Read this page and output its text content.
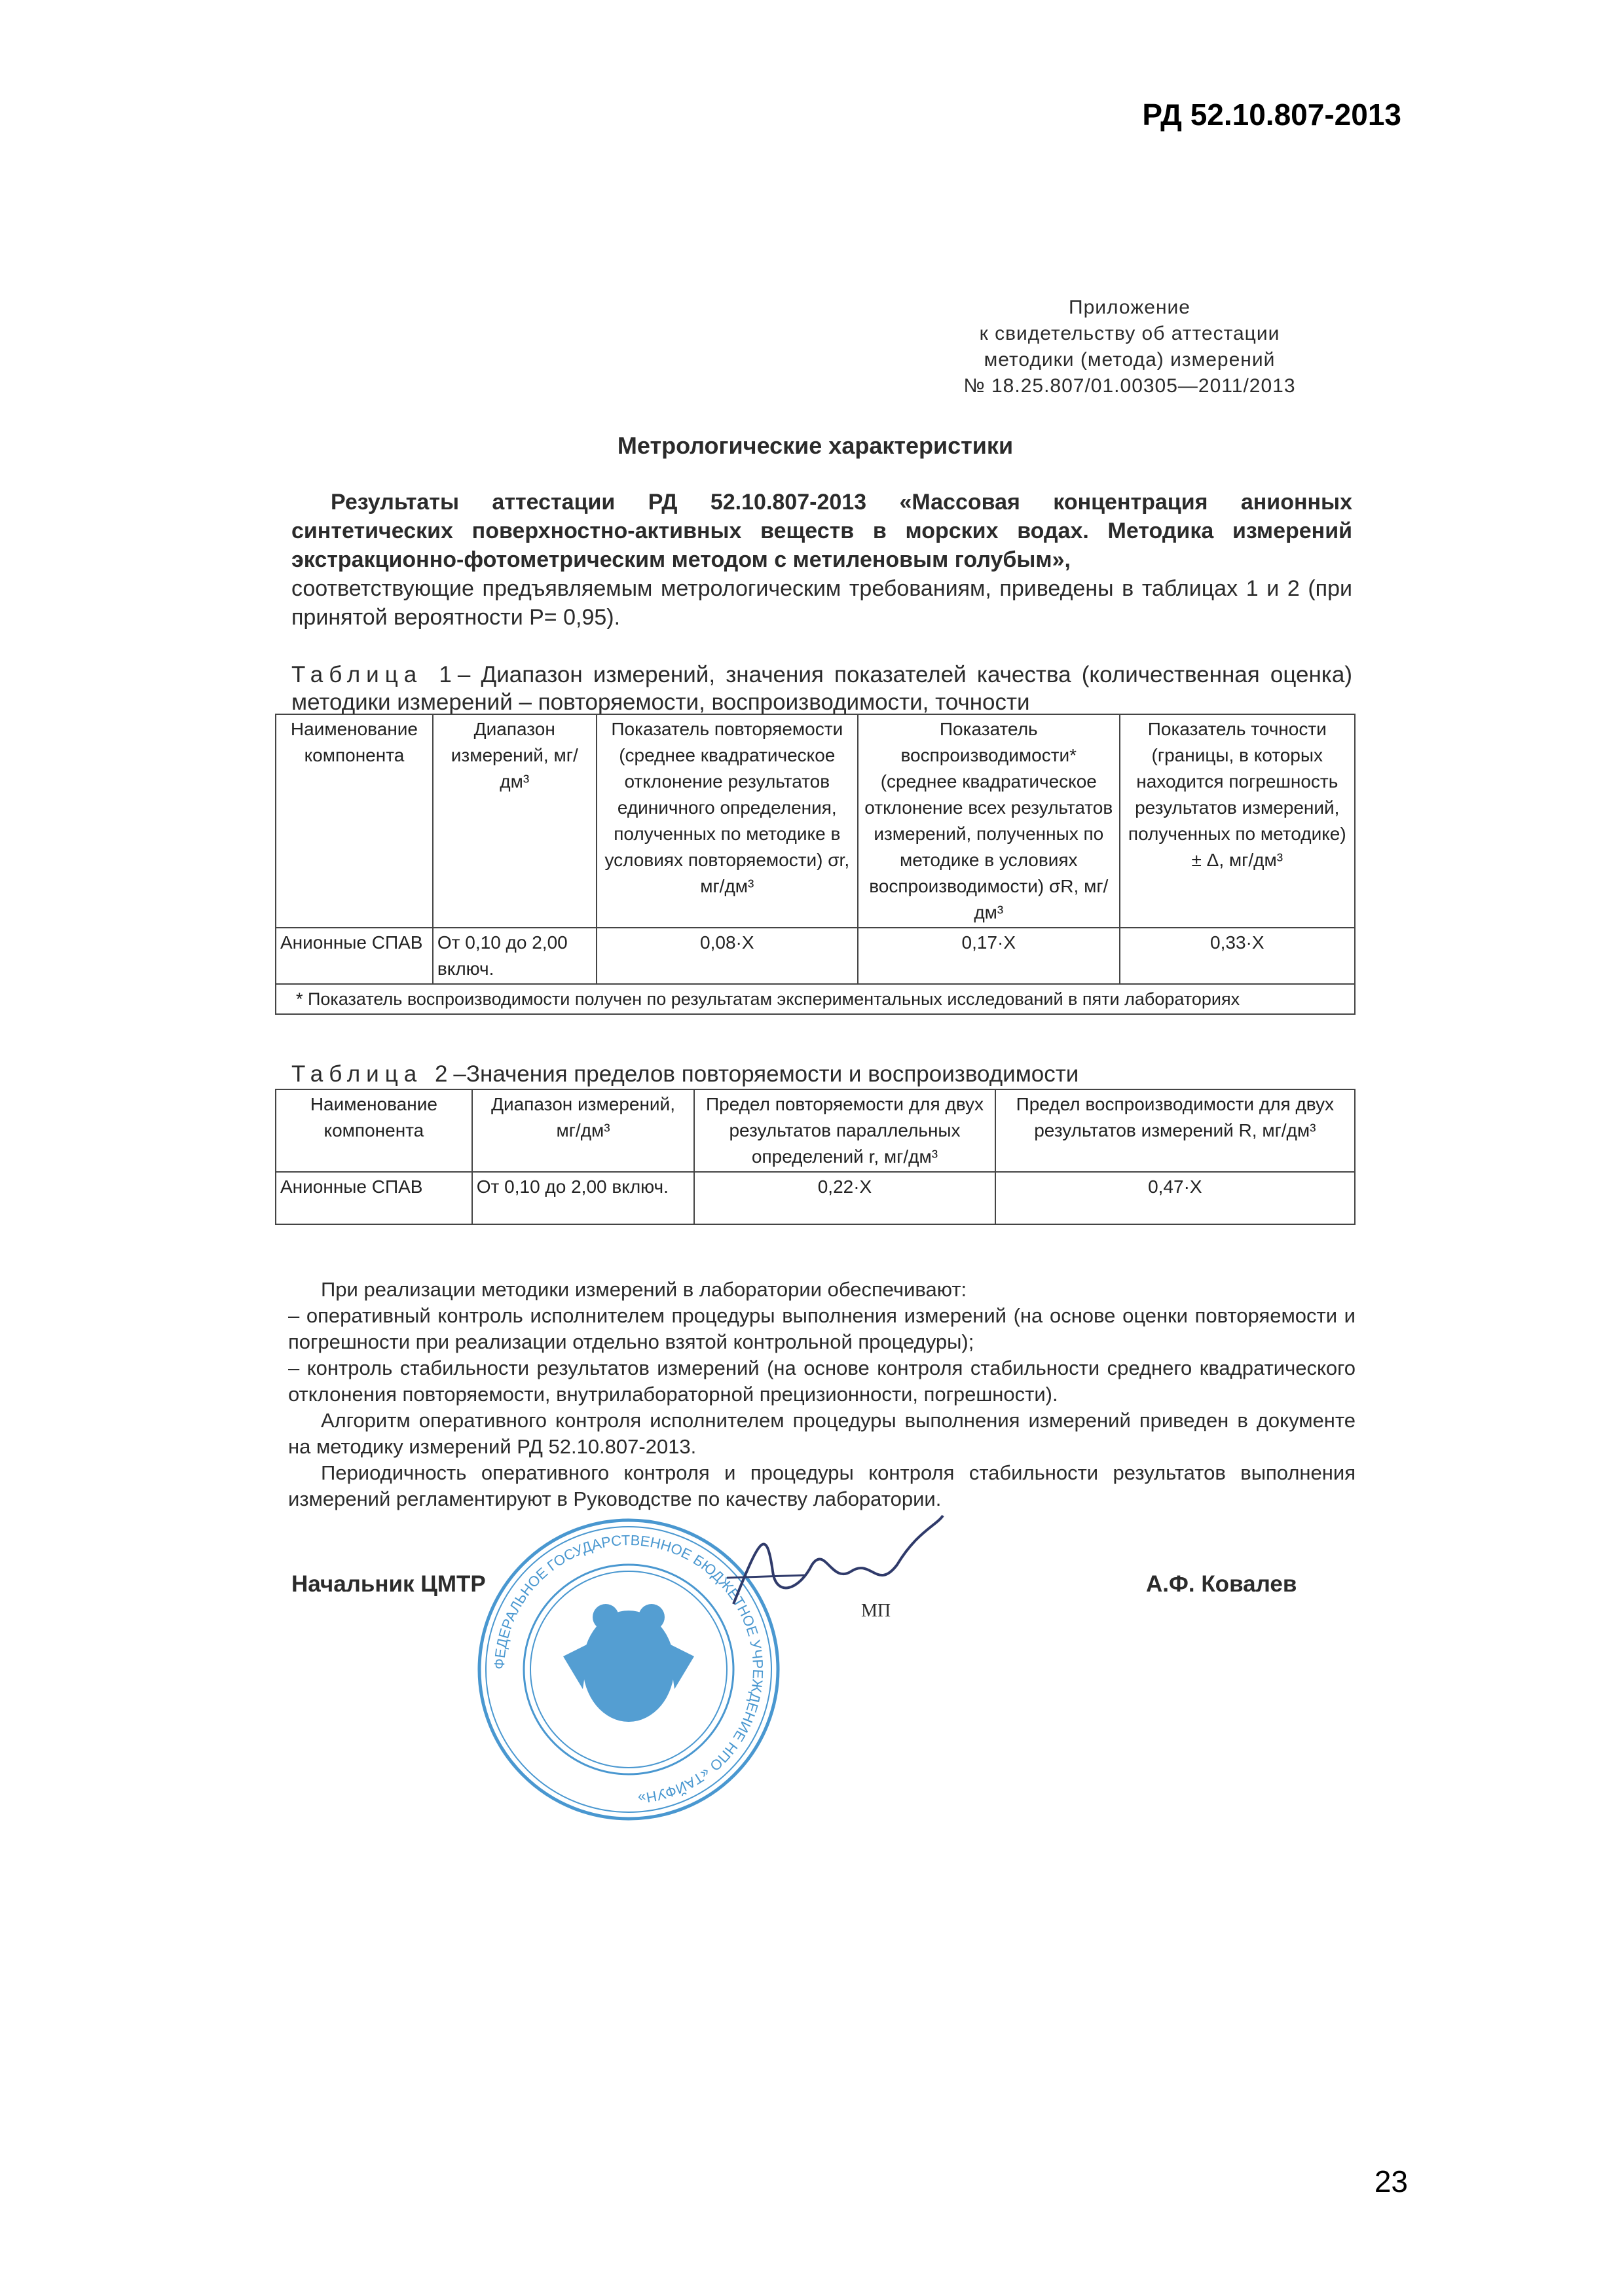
РД 52.10.807-2013
Приложение
к свидетельству об аттестации
методики (метода) измерений
№ 18.25.807/01.00305—2011/2013
Метрологические характеристики

Результаты аттестации РД 52.10.807-2013 «Массовая концентрация анионных синтетических поверхностно-активных веществ в морских водах. Методика измерений экстракционно-фотометрическим методом с метиленовым голубым»,

соответствующие предъявляемым метрологическим требованиям, приведены в таблицах 1 и 2 (при принятой вероятности P= 0,95).

Таблица 1– Диапазон измерений, значения показателей качества (количественная оценка) методики измерений – повторяемости, воспроизводимости, точности
Наименование компонента	Диапазон измерений, мг/дм³	Показатель повторяемости (среднее квадратическое отклонение результатов единичного определения, полученных по методике в условиях повторяемости) σr, мг/дм³	Показатель воспроизводимости* (среднее квадратическое отклонение всех результатов измерений, полученных по методике в условиях воспроизводимости) σR, мг/дм³	Показатель точности (границы, в которых находится погрешность результатов измерений, полученных по методике) ± Δ, мг/дм³
Анионные СПАВ	От 0,10 до 2,00 включ.	0,08·X	0,17·X	0,33·X
* Показатель воспроизводимости получен по результатам экспериментальных исследований в пяти лабораториях				
Таблица 2–Значения пределов повторяемости и воспроизводимости
Наименование компонента	Диапазон измерений, мг/дм³	Предел повторяемости для двух результатов параллельных определений r, мг/дм³	Предел воспроизводимости для двух результатов измерений R, мг/дм³
Анионные СПАВ	От 0,10 до 2,00 включ.	0,22·X	0,47·X

При реализации методики измерений в лаборатории обеспечивают:

– оперативный контроль исполнителем процедуры выполнения измерений (на основе оценки повторяемости и погрешности при реализации отдельно взятой контрольной процедуры);

– контроль стабильности результатов измерений (на основе контроля стабильности среднего квадратического отклонения повторяемости, внутрилабораторной прецизионности, погрешности).

Алгоритм оперативного контроля исполнителем процедуры выполнения измерений приведен в документе на методику измерений РД 52.10.807-2013.

Периодичность оперативного контроля и процедуры контроля стабильности результатов выполнения измерений регламентируют в Руководстве по качеству лаборатории.

ФЕДЕРАЛЬНОЕ ГОСУДАРСТВЕННОЕ БЮДЖЕТНОЕ УЧРЕЖДЕНИЕ НПО «ТАЙФУН»
Начальник ЦМТР
МП
А.Ф. Ковалев
23
